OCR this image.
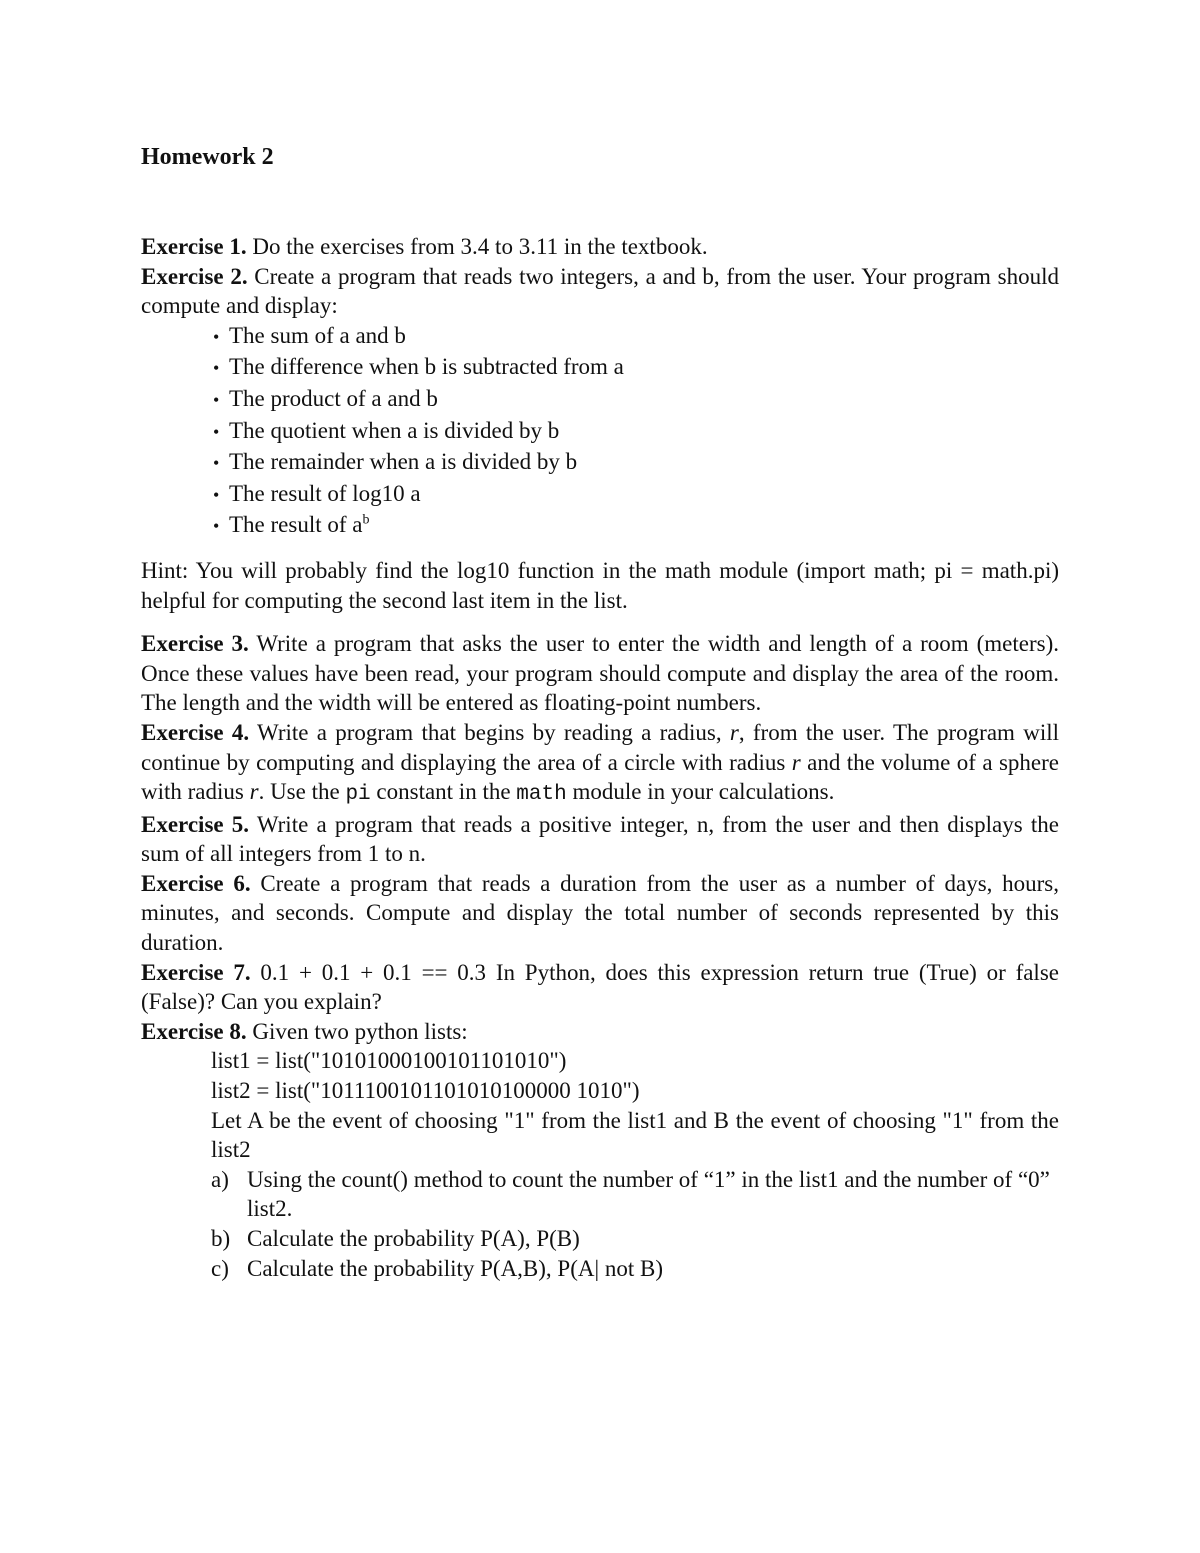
Homework 2

Exercise 1. Do the exercises from 3.4 to 3.11 in the textbook.

Exercise 2. Create a program that reads two integers, a and b, from the user. Your program should compute and display:

• The sum of a and b
• The difference when b is subtracted from a
• The product of a and b
• The quotient when a is divided by b
• The remainder when a is divided by b
• The result of log10 a
• The result of $a^b$

Hint: You will probably find the log10 function in the math module (import math; pi = math.pi) helpful for computing the second last item in the list.

Exercise 3. Write a program that asks the user to enter the width and length of a room (meters). Once these values have been read, your program should compute and display the area of the room. The length and the width will be entered as floating-point numbers.

Exercise 4. Write a program that begins by reading a radius, r, from the user. The program will continue by computing and displaying the area of a circle with radius r and the volume of a sphere with radius r. Use the pi constant in the math module in your calculations.

Exercise 5. Write a program that reads a positive integer, n, from the user and then displays the sum of all integers from 1 to n.

Exercise 6. Create a program that reads a duration from the user as a number of days, hours, minutes, and seconds. Compute and display the total number of seconds represented by this duration.

Exercise 7. 0.1 + 0.1 + 0.1 == 0.3 In Python, does this expression return true (True) or false (False)? Can you explain?

Exercise 8. Given two python lists:

list1 = list("10101000100101101010")

list2 = list("1011100101101010100000 1010")

Let A be the event of choosing "1" from the list1 and B the event of choosing "1" from the list2

a) Using the count() method to count the number of “1” in the list1 and the number of “0” list2.
b) Calculate the probability P(A), P(B)
c) Calculate the probability P(A,B), P(A| not B)
